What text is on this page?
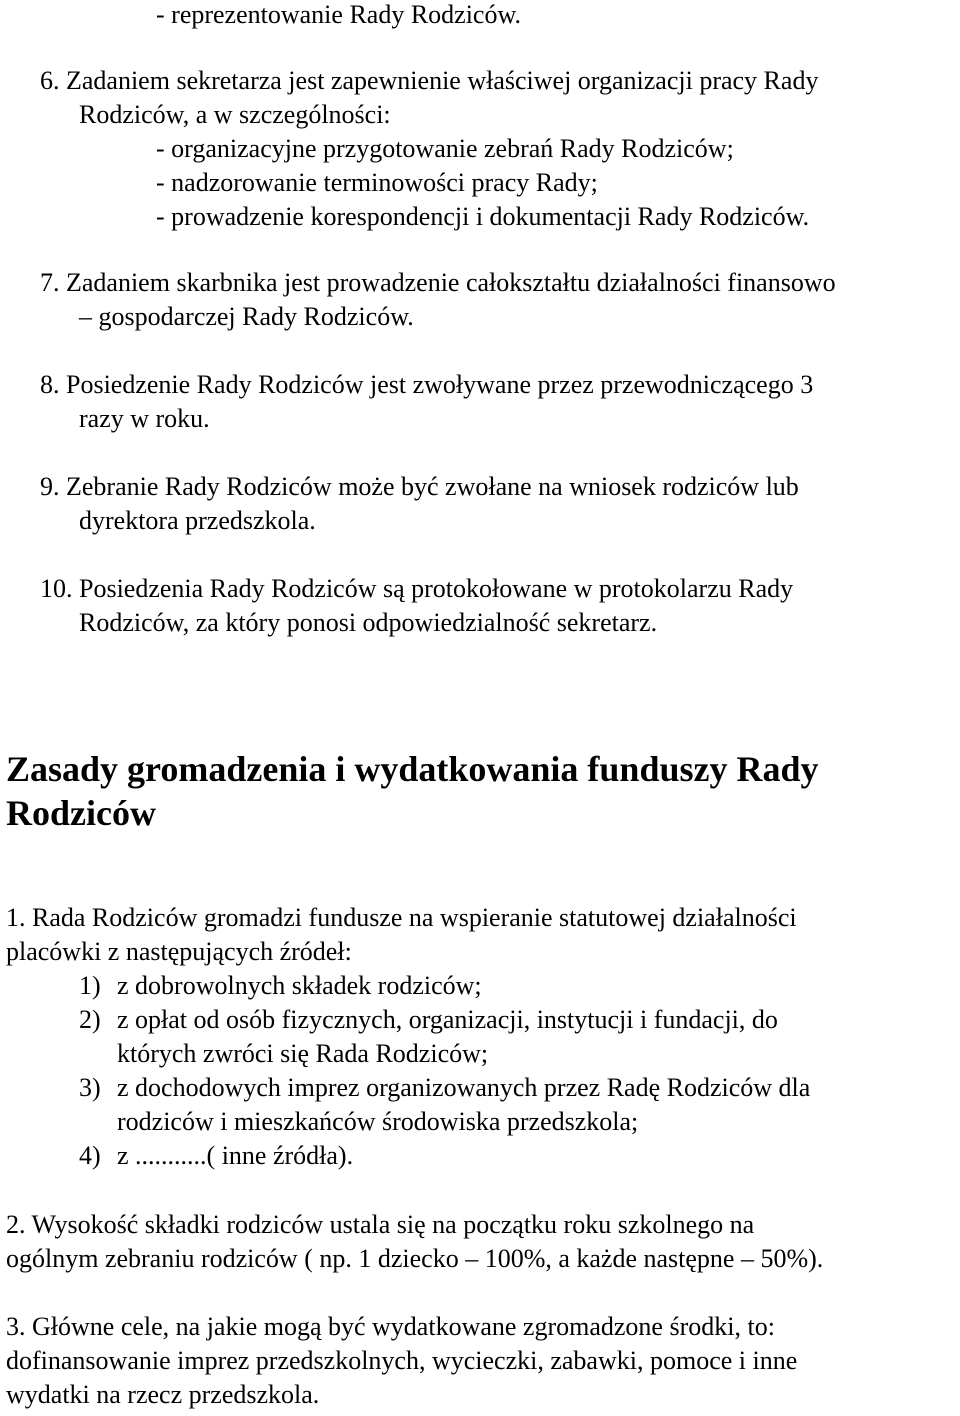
- reprezentowanie Rady Rodziców.

6. Zadaniem sekretarza jest zapewnienie właściwej organizacji pracy Rady

Rodziców, a w szczególności:

- organizacyjne przygotowanie zebrań Rady Rodziców;

- nadzorowanie terminowości pracy Rady;

- prowadzenie korespondencji i dokumentacji Rady Rodziców.

7. Zadaniem skarbnika jest prowadzenie całokształtu działalności finansowo

– gospodarczej Rady Rodziców.

8. Posiedzenie Rady Rodziców jest zwoływane przez przewodniczącego 3

razy w roku.

9. Zebranie Rady Rodziców może być zwołane na wniosek rodziców lub

dyrektora przedszkola.

10. Posiedzenia Rady Rodziców są protokołowane w protokolarzu Rady

Rodziców, za który ponosi odpowiedzialność sekretarz.

Zasady gromadzenia i wydatkowania funduszy Rady
Rodziców

1. Rada Rodziców gromadzi fundusze na wspieranie statutowej działalności

placówki z następujących źródeł:

1) z dobrowolnych składek rodziców;
2) z opłat od osób fizycznych, organizacji, instytucji i fundacji, do
których zwróci się Rada Rodziców;
3) z dochodowych imprez organizowanych przez Radę Rodziców dla
rodziców i mieszkańców środowiska przedszkola;
4) z ...........( inne źródła).

2. Wysokość składki rodziców ustala się na początku roku szkolnego na

ogólnym zebraniu rodziców ( np. 1 dziecko – 100%, a każde następne – 50%).

3. Główne cele, na jakie mogą być wydatkowane zgromadzone środki, to:

dofinansowanie imprez przedszkolnych, wycieczki, zabawki, pomoce i inne

wydatki na rzecz przedszkola.
